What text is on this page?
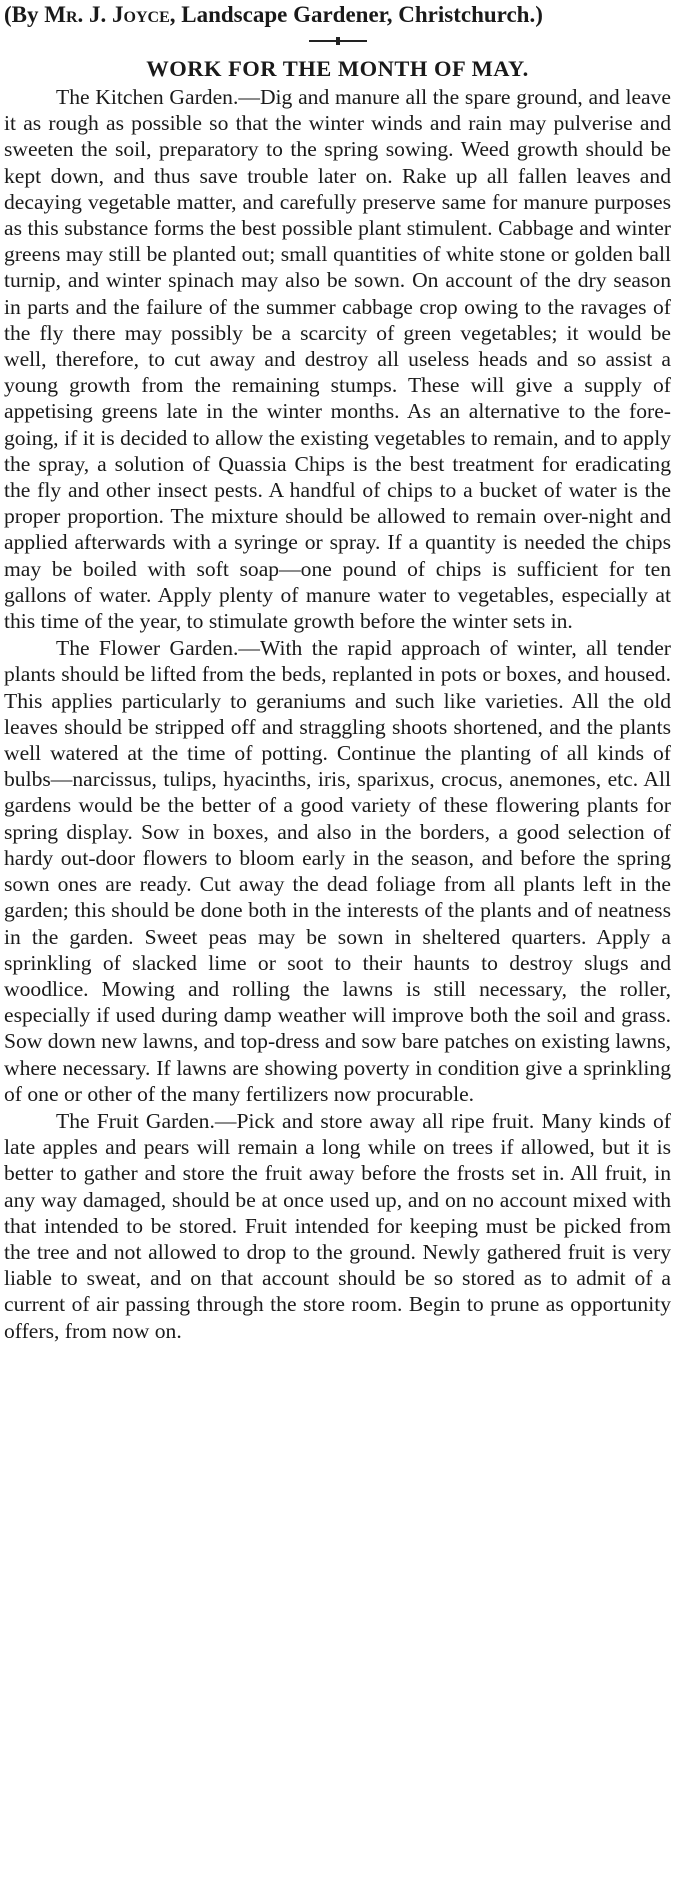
(By Mr. J. Joyce, Landscape Gardener, Christchurch.)

WORK FOR THE MONTH OF MAY.

The Kitchen Garden.—Dig and manure all the spare ground, and leave it as rough as possible so that the winter winds and rain may pulverise and sweeten the soil, preparatory to the spring sowing. Weed growth should be kept down, and thus save trouble later on. Rake up all fallen leaves and decaying vegetable matter, and carefully preserve same for manure purposes as this substance forms the best possible plant stimulent. Cabbage and winter greens may still be planted out; small quantities of white stone or golden ball turnip, and winter spinach may also be sown. On account of the dry season in parts and the failure of the summer cabbage crop owing to the ravages of the fly there may possibly be a scarcity of green vegetables; it would be well, therefore, to cut away and destroy all useless heads and so assist a young growth from the remaining stumps. These will give a supply of appetising greens late in the winter months. As an alternative to the fore-going, if it is decided to allow the existing vegetables to remain, and to apply the spray, a solution of Quassia Chips is the best treatment for eradicating the fly and other insect pests. A handful of chips to a bucket of water is the proper proportion. The mixture should be allowed to remain over-night and applied afterwards with a syringe or spray. If a quantity is needed the chips may be boiled with soft soap—one pound of chips is sufficient for ten gallons of water. Apply plenty of manure water to vegetables, especially at this time of the year, to stimulate growth before the winter sets in.

The Flower Garden.—With the rapid approach of winter, all tender plants should be lifted from the beds, replanted in pots or boxes, and housed. This applies particularly to geraniums and such like varieties. All the old leaves should be stripped off and straggling shoots shortened, and the plants well watered at the time of potting. Continue the planting of all kinds of bulbs—narcissus, tulips, hyacinths, iris, sparixus, crocus, anemones, etc. All gardens would be the better of a good variety of these flowering plants for spring display. Sow in boxes, and also in the borders, a good selection of hardy out-door flowers to bloom early in the season, and before the spring sown ones are ready. Cut away the dead foliage from all plants left in the garden; this should be done both in the interests of the plants and of neatness in the garden. Sweet peas may be sown in sheltered quarters. Apply a sprinkling of slacked lime or soot to their haunts to destroy slugs and woodlice. Mowing and rolling the lawns is still necessary, the roller, especially if used during damp weather will improve both the soil and grass. Sow down new lawns, and top-dress and sow bare patches on existing lawns, where necessary. If lawns are showing poverty in condition give a sprinkling of one or other of the many fertilizers now procurable.

The Fruit Garden.—Pick and store away all ripe fruit. Many kinds of late apples and pears will remain a long while on trees if allowed, but it is better to gather and store the fruit away before the frosts set in. All fruit, in any way damaged, should be at once used up, and on no account mixed with that intended to be stored. Fruit intended for keeping must be picked from the tree and not allowed to drop to the ground. Newly gathered fruit is very liable to sweat, and on that account should be so stored as to admit of a current of air passing through the store room. Begin to prune as opportunity offers, from now on.
